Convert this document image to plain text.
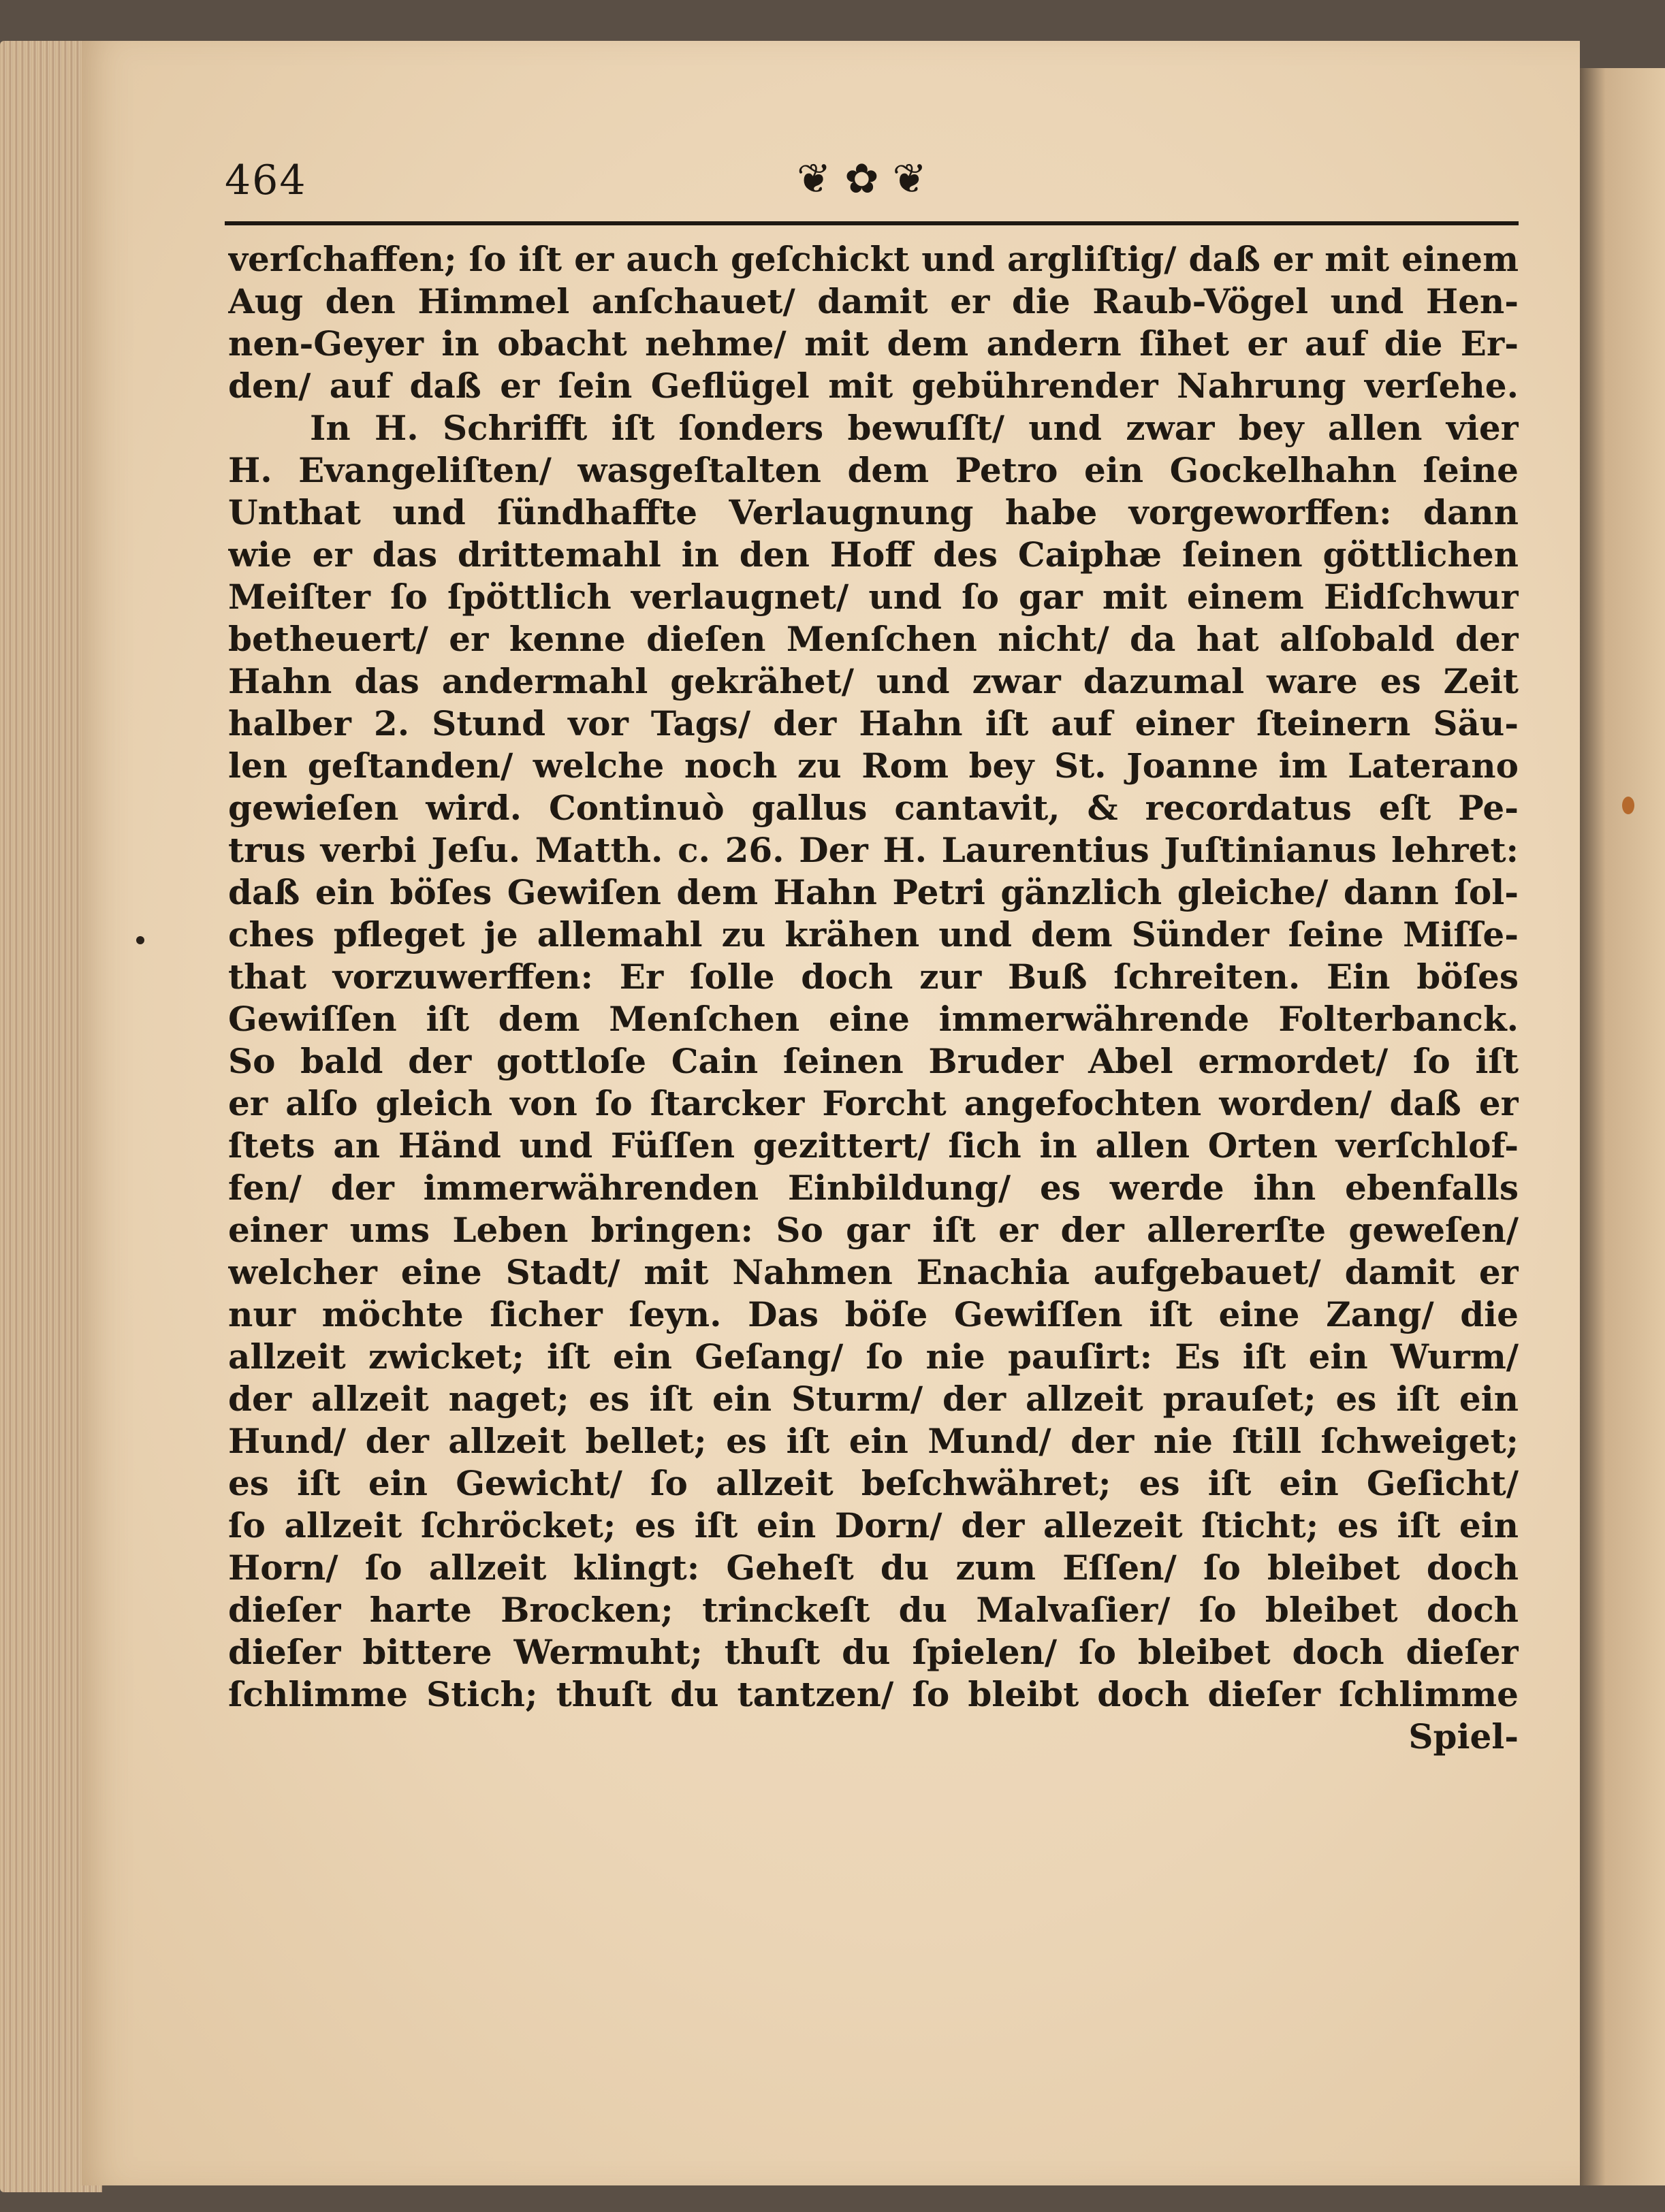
464	❦✿❦
verſchaffen; ſo iſt er auch geſchickt und argliſtig/ daß er mit einem
Aug den Himmel anſchauet/ damit er die Raub-Vögel und Hen-
nen-Geyer in obacht nehme/ mit dem andern ſihet er auf die Er-
den/ auf daß er ſein Geflügel mit gebührender Nahrung verſehe.
In H. Schrifft iſt ſonders bewuſſt/ und zwar bey allen vier
H. Evangeliſten/ wasgeſtalten dem Petro ein Gockelhahn ſeine
Unthat und ſündhaffte Verlaugnung habe vorgeworffen: dann
wie er das drittemahl in den Hoff des Caiphæ ſeinen göttlichen
Meiſter ſo ſpöttlich verlaugnet/ und ſo gar mit einem Eidſchwur
betheuert/ er kenne dieſen Menſchen nicht/ da hat alſobald der
Hahn das andermahl gekrähet/ und zwar dazumal ware es Zeit
halber 2. Stund vor Tags/ der Hahn iſt auf einer ſteinern Säu-
len geſtanden/ welche noch zu Rom bey St. Joanne im Laterano
gewieſen wird. Continuò gallus cantavit, & recordatus eſt Pe-
trus verbi Jeſu. Matth. c. 26. Der H. Laurentius Juſtinianus lehret:
daß ein böſes Gewiſen dem Hahn Petri gänzlich gleiche/ dann ſol-
ches pfleget je allemahl zu krähen und dem Sünder ſeine Miſſe-
that vorzuwerffen: Er ſolle doch zur Buß ſchreiten. Ein böſes
Gewiſſen iſt dem Menſchen eine immerwährende Folterbanck.
So bald der gottloſe Cain ſeinen Bruder Abel ermordet/ ſo iſt
er alſo gleich von ſo ſtarcker Forcht angefochten worden/ daß er
ſtets an Händ und Füſſen gezittert/ ſich in allen Orten verſchlof-
fen/ der immerwährenden Einbildung/ es werde ihn ebenfalls
einer ums Leben bringen: So gar iſt er der allererſte geweſen/
welcher eine Stadt/ mit Nahmen Enachia aufgebauet/ damit er
nur möchte ſicher ſeyn. Das böſe Gewiſſen iſt eine Zang/ die
allzeit zwicket; iſt ein Geſang/ ſo nie pauſirt: Es iſt ein Wurm/
der allzeit naget; es iſt ein Sturm/ der allzeit prauſet; es iſt ein
Hund/ der allzeit bellet; es iſt ein Mund/ der nie ſtill ſchweiget;
es iſt ein Gewicht/ ſo allzeit beſchwähret; es iſt ein Geſicht/
ſo allzeit ſchröcket; es iſt ein Dorn/ der allezeit ſticht; es iſt ein
Horn/ ſo allzeit klingt: Geheſt du zum Eſſen/ ſo bleibet doch
dieſer harte Brocken; trinckeſt du Malvaſier/ ſo bleibet doch
dieſer bittere Wermuht; thuſt du ſpielen/ ſo bleibet doch dieſer
ſchlimme Stich; thuſt du tantzen/ ſo bleibt doch dieſer ſchlimme
Spiel-
